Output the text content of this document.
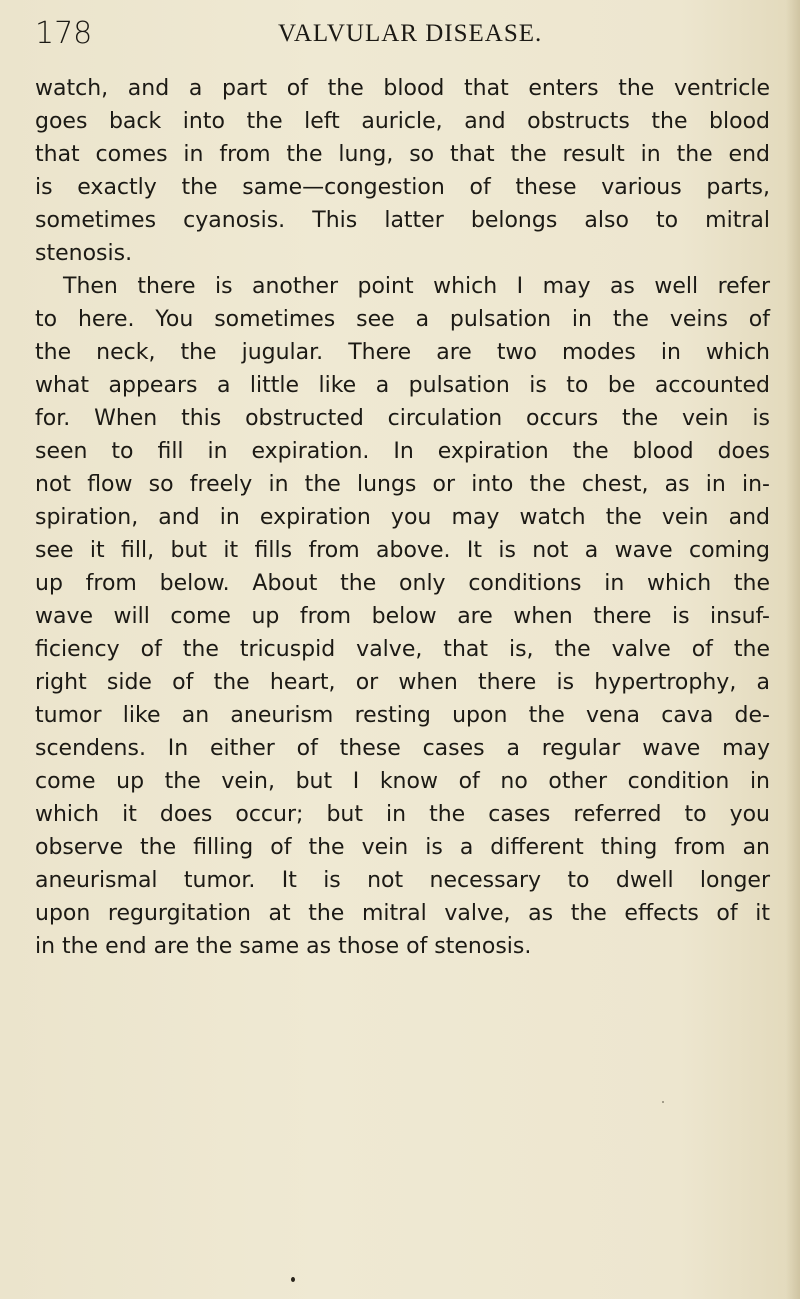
178	VALVULAR DISEASE.
watch, and a part of the blood that enters the ventricle
goes back into the left auricle, and obstructs the blood
that comes in from the lung, so that the result in the end
is exactly the same—congestion of these various parts,
sometimes cyanosis. This latter belongs also to mitral
stenosis.
Then there is another point which I may as well refer
to here. You sometimes see a pulsation in the veins of
the neck, the jugular. There are two modes in which
what appears a little like a pulsation is to be accounted
for. When this obstructed circulation occurs the vein is
seen to fill in expiration. In expiration the blood does
not flow so freely in the lungs or into the chest, as in in-
spiration, and in expiration you may watch the vein and
see it fill, but it fills from above. It is not a wave coming
up from below. About the only conditions in which the
wave will come up from below are when there is insuf-
ficiency of the tricuspid valve, that is, the valve of the
right side of the heart, or when there is hypertrophy, a
tumor like an aneurism resting upon the vena cava de-
scendens. In either of these cases a regular wave may
come up the vein, but I know of no other condition in
which it does occur; but in the cases referred to you
observe the filling of the vein is a different thing from an
aneurismal tumor. It is not necessary to dwell longer
upon regurgitation at the mitral valve, as the effects of it
in the end are the same as those of stenosis.
